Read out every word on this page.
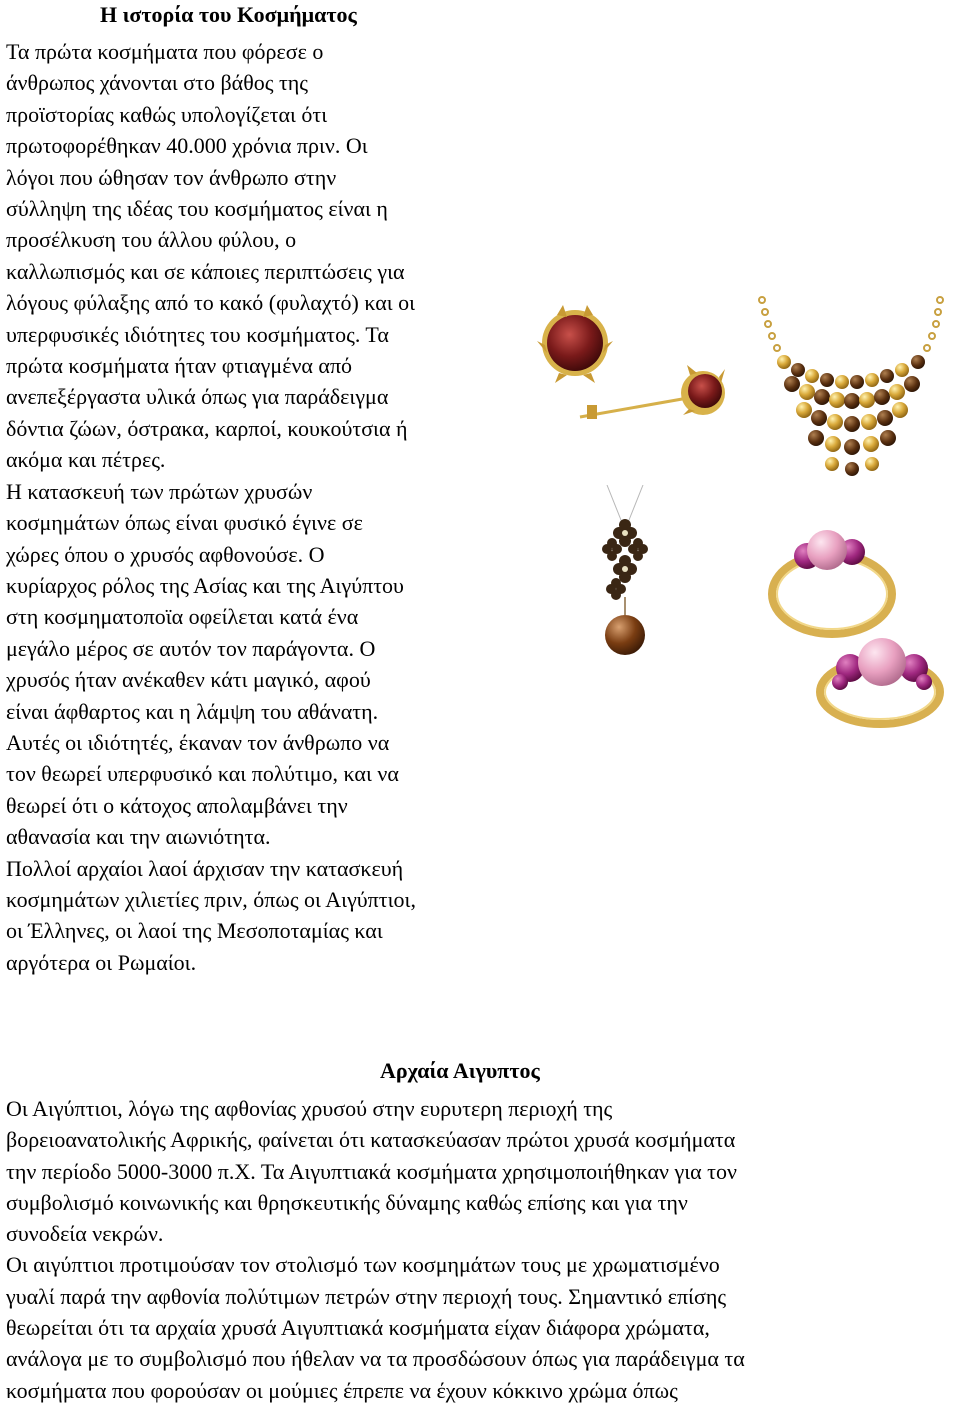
Η ιστορία του Κοσμήματος
Τα πρώτα κοσμήματα που φόρεσε ο
άνθρωπος χάνονται στο βάθος της
προϊστορίας καθώς υπολογίζεται ότι
πρωτοφορέθηκαν 40.000 χρόνια πριν. Οι
λόγοι που ώθησαν τον άνθρωπο στην
σύλληψη της ιδέας του κοσμήματος είναι η
προσέλκυση του άλλου φύλου, ο
καλλωπισμός και σε κάποιες περιπτώσεις για
λόγους φύλαξης από το κακό (φυλαχτό) και οι
υπερφυσικές ιδιότητες του κοσμήματος. Τα
πρώτα κοσμήματα ήταν φτιαγμένα από
ανεπεξέργαστα υλικά όπως για παράδειγμα
δόντια ζώων, όστρακα, καρποί, κουκούτσια ή
ακόμα και πέτρες.
Η κατασκευή των πρώτων χρυσών
κοσμημάτων όπως είναι φυσικό έγινε σε
χώρες όπου ο χρυσός αφθονούσε. Ο
κυρίαρχος ρόλος της Ασίας και της Αιγύπτου
στη κοσμηματοποϊα οφείλεται κατά ένα
μεγάλο μέρος σε αυτόν τον παράγοντα. Ο
χρυσός ήταν ανέκαθεν κάτι μαγικό, αφού
είναι άφθαρτος και η λάμψη του αθάνατη.
Αυτές οι ιδιότητές, έκαναν τον άνθρωπο να
τον θεωρεί υπερφυσικό και πολύτιμο, και να
θεωρεί ότι ο κάτοχος απολαμβάνει την
αθανασία και την αιωνιότητα.
Πολλοί αρχαίοι λαοί άρχισαν την κατασκευή
κοσμημάτων χιλιετίες πριν, όπως οι Αιγύπτιοι,
οι Έλληνες, οι λαοί της Μεσοποταμίας και
αργότερα οι Ρωμαίοι.
Αρχαία Αιγυπτος
Οι Αιγύπτιοι, λόγω της αφθονίας χρυσού στην ευρυτερη περιοχή της
βορειοανατολικής Αφρικής, φαίνεται ότι κατασκεύασαν πρώτοι χρυσά κοσμήματα
την περίοδο 5000-3000 π.Χ. Τα Αιγυπτιακά κοσμήματα χρησιμοποιήθηκαν για τον
συμβολισμό κοινωνικής και θρησκευτικής δύναμης καθώς επίσης και για την
συνοδεία νεκρών.
Οι αιγύπτιοι προτιμούσαν τον στολισμό των κοσμημάτων τους με χρωματισμένο
γυαλί παρά την αφθονία πολύτιμων πετρών στην περιοχή τους. Σημαντικό επίσης
θεωρείται ότι τα αρχαία χρυσά Αιγυπτιακά κοσμήματα είχαν διάφορα χρώματα,
ανάλογα με το συμβολισμό που ήθελαν να τα προσδώσουν όπως για παράδειγμα τα
κοσμήματα που φορούσαν οι μούμιες έπρεπε να έχουν κόκκινο χρώμα όπως
